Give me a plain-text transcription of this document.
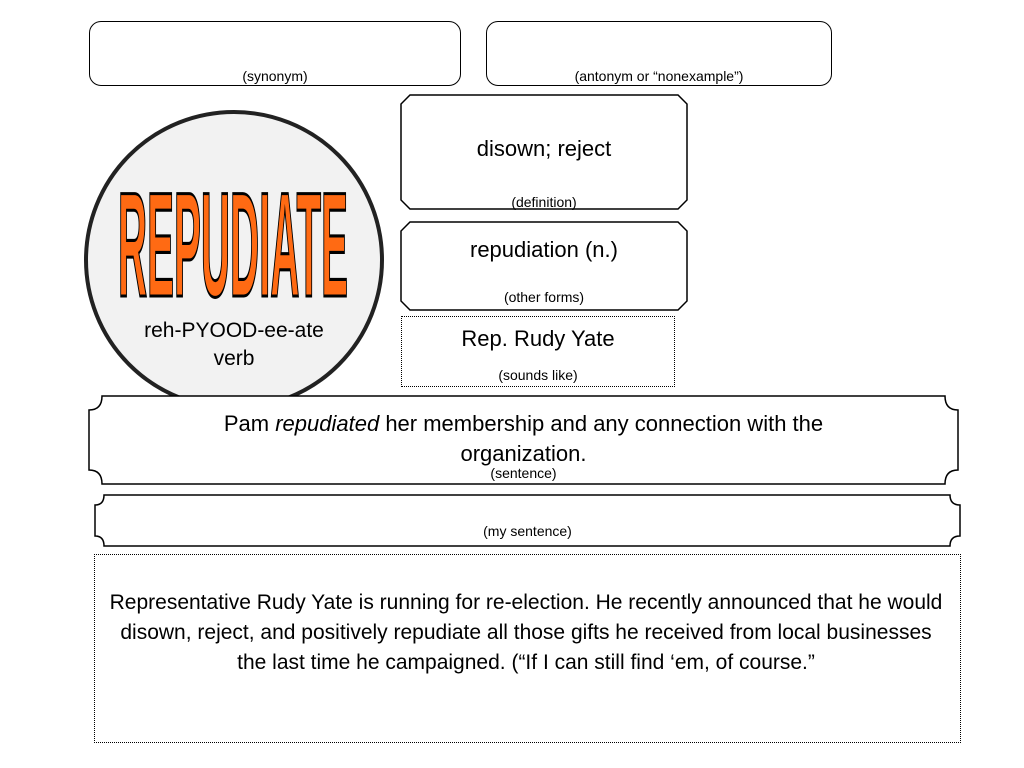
(synonym)	(antonym or “nonexample”)
REPUDIATE
reh-PYOOD-ee-ate
verb
disown; reject
(definition)
repudiation (n.)
(other forms)
Rep. Rudy Yate
(sounds like)
Pam repudiated her membership and any connection with the organization.
(sentence)
(my sentence)
Representative Rudy Yate is running for re-election. He recently announced that he would disown, reject, and positively repudiate all those gifts he received from local businesses the last time he campaigned. (“If I can still find ‘em, of course.”
